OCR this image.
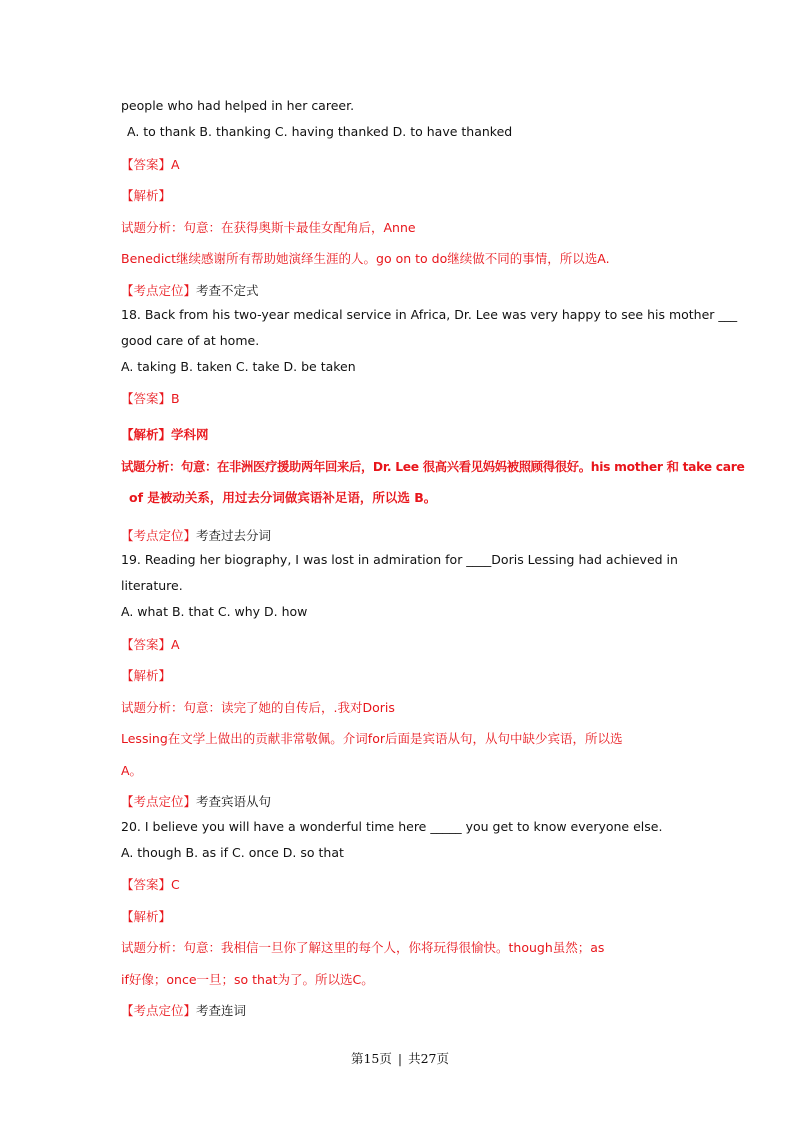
people who had helped in her career.
A. to thank B. thanking C. having thanked D. to have thanked
【答案】A
【解析】
试题分析：句意：在获得奥斯卡最佳女配角后，Anne
Benedict继续感谢所有帮助她演绎生涯的人。go on to do继续做不同的事情，所以选A.
【考点定位】考查不定式
18. Back from his two-year medical service in Africa, Dr. Lee was very happy to see his mother ___
good care of at home.
A. taking B. taken C. take D. be taken
【答案】B
【解析】学科网
试题分析：句意：在非洲医疗援助两年回来后，Dr. Lee 很高兴看见妈妈被照顾得很好。his mother 和 take care
of 是被动关系，用过去分词做宾语补足语，所以选 B。
【考点定位】考查过去分词
19. Reading her biography, I was lost in admiration for ____Doris Lessing had achieved in
literature.
A. what B. that C. why D. how
【答案】A
【解析】
试题分析：句意：读完了她的自传后，.我对Doris
Lessing在文学上做出的贡献非常敬佩。介词for后面是宾语从句，从句中缺少宾语，所以选
A。
【考点定位】考查宾语从句
20. I believe you will have a wonderful time here _____ you get to know everyone else.
A. though B. as if C. once D. so that
【答案】C
【解析】
试题分析：句意：我相信一旦你了解这里的每个人，你将玩得很愉快。though虽然；as
if好像；once一旦；so that为了。所以选C。
【考点定位】考查连词
第15页 | 共27页
